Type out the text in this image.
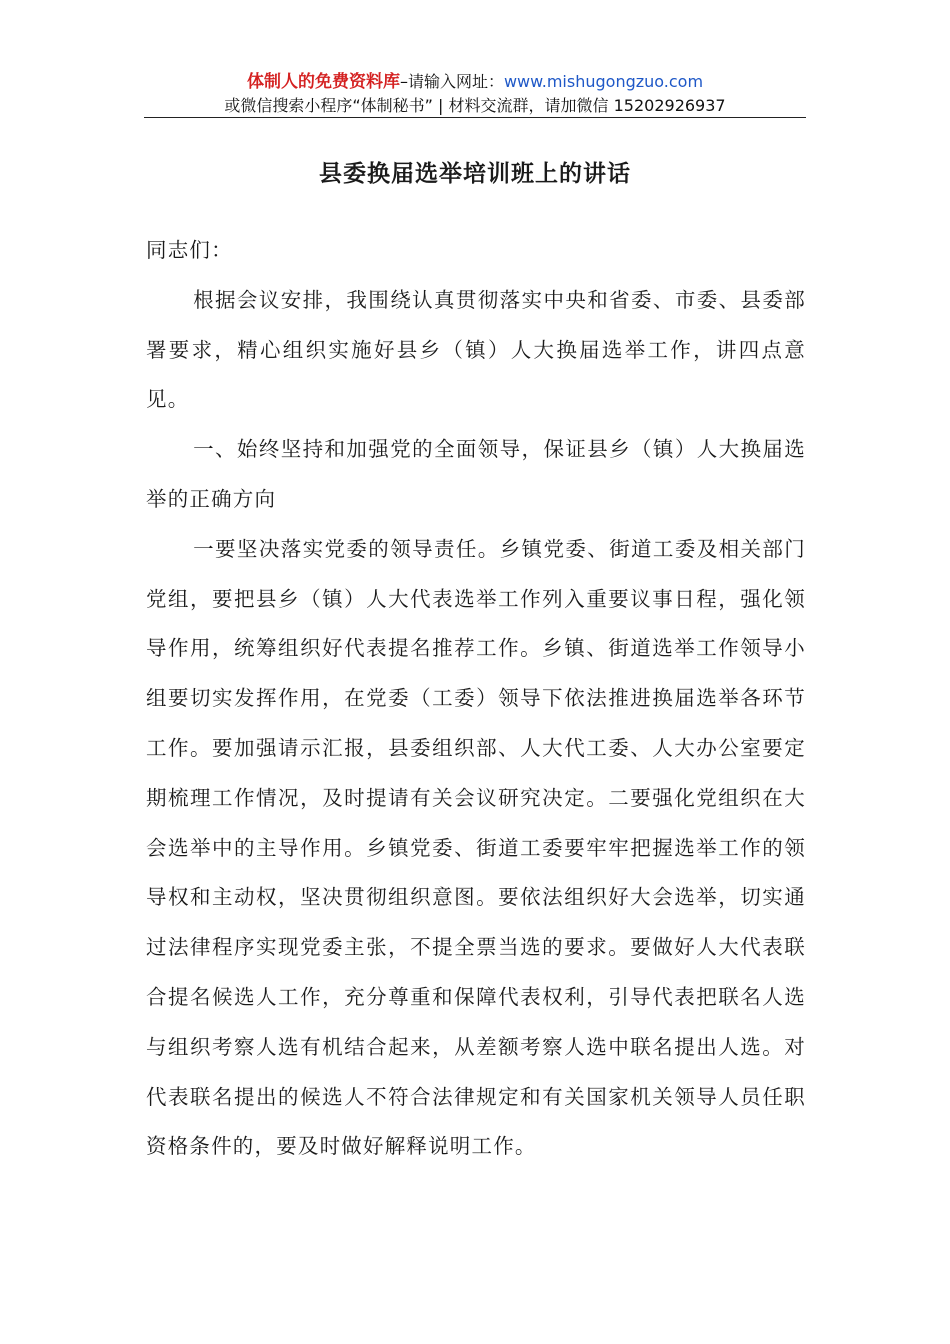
体制人的免费资料库–请输入网址：www.mishugongzuo.com
或微信搜索小程序“体制秘书” | 材料交流群，请加微信 15202926937
县委换届选举培训班上的讲话

同志们：

根据会议安排，我围绕认真贯彻落实中央和省委、市委、县委部署要求，精心组织实施好县乡（镇）人大换届选举工作，讲四点意见。

一、始终坚持和加强党的全面领导，保证县乡（镇）人大换届选举的正确方向

一要坚决落实党委的领导责任。乡镇党委、街道工委及相关部门党组，要把县乡（镇）人大代表选举工作列入重要议事日程，强化领导作用，统筹组织好代表提名推荐工作。乡镇、街道选举工作领导小组要切实发挥作用，在党委（工委）领导下依法推进换届选举各环节工作。要加强请示汇报，县委组织部、人大代工委、人大办公室要定期梳理工作情况，及时提请有关会议研究决定。二要强化党组织在大会选举中的主导作用。乡镇党委、街道工委要牢牢把握选举工作的领导权和主动权，坚决贯彻组织意图。要依法组织好大会选举，切实通过法律程序实现党委主张，不提全票当选的要求。要做好人大代表联合提名候选人工作，充分尊重和保障代表权利，引导代表把联名人选与组织考察人选有机结合起来，从差额考察人选中联名提出人选。对代表联名提出的候选人不符合法律规定和有关国家机关领导人员任职资格条件的，要及时做好解释说明工作。
